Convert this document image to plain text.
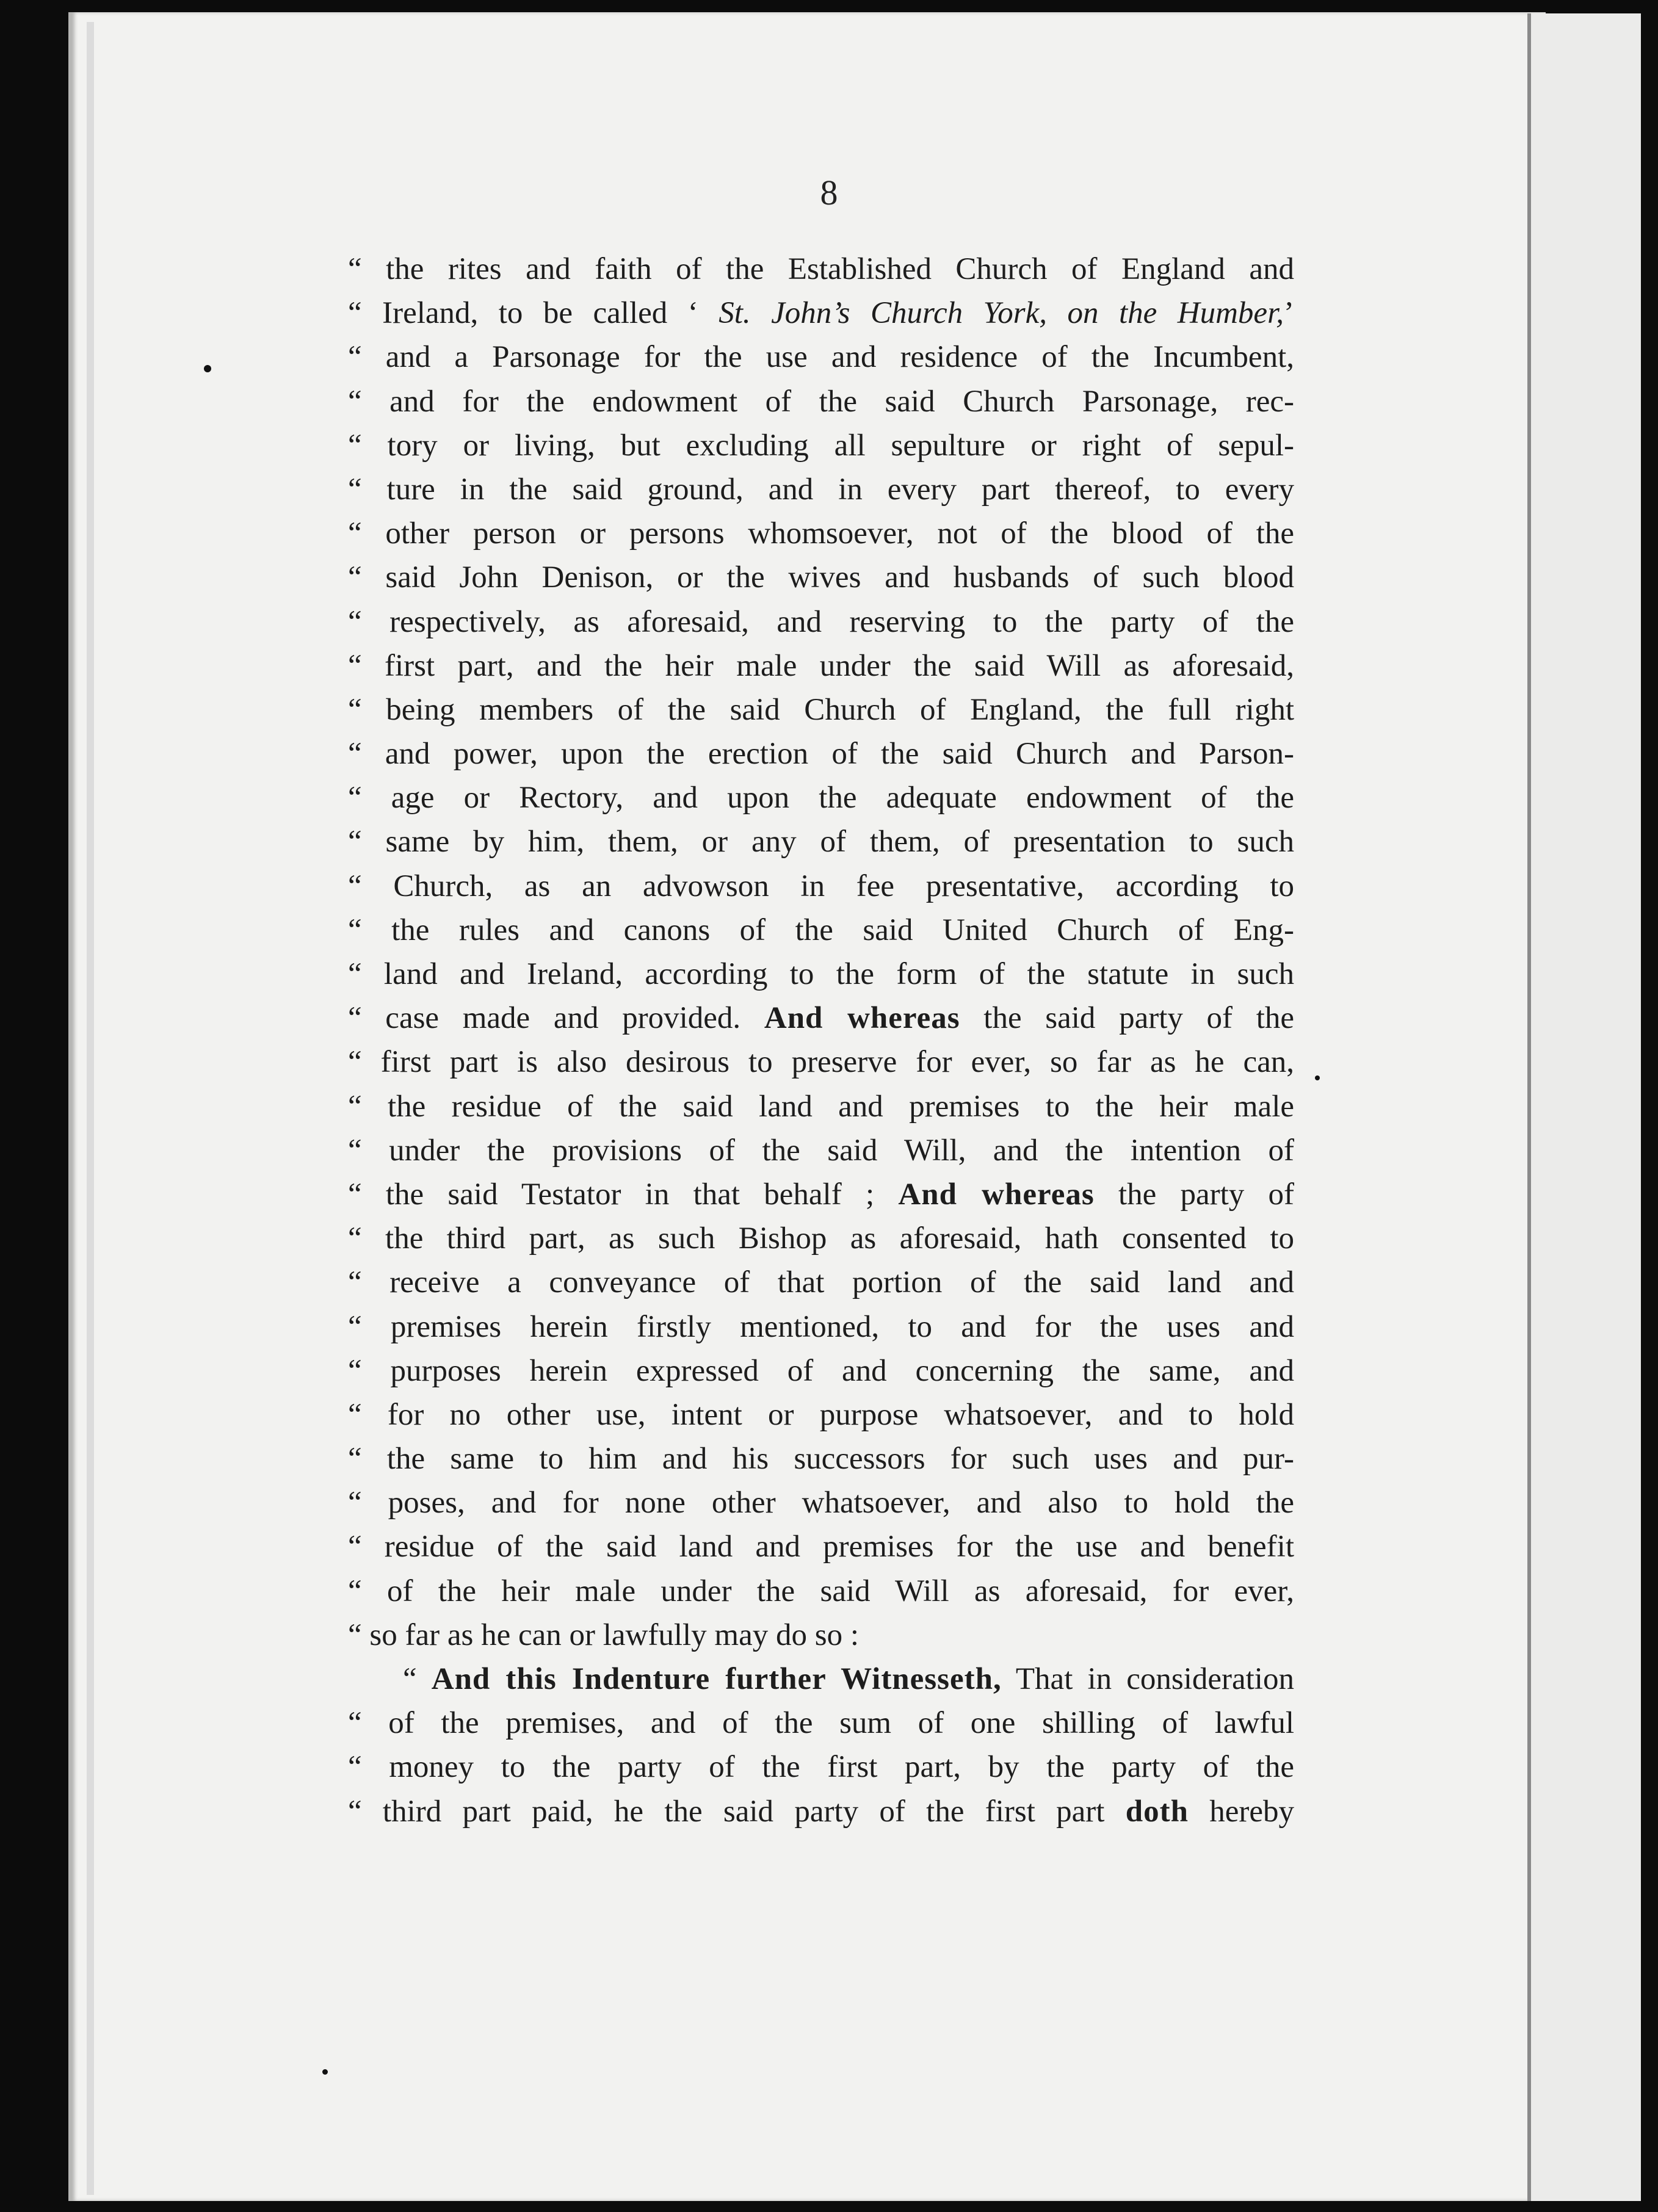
8
“ the rites and faith of the Established Church of England and
“ Ireland, to be called ‘ St. John’s Church York, on the Humber,’
“ and a Parsonage for the use and residence of the Incumbent,
“ and for the endowment of the said Church Parsonage, rec-
“ tory or living, but excluding all sepulture or right of sepul-
“ ture in the said ground, and in every part thereof, to every
“ other person or persons whomsoever, not of the blood of the
“ said John Denison, or the wives and husbands of such blood
“ respectively, as aforesaid, and reserving to the party of the
“ first part, and the heir male under the said Will as aforesaid,
“ being members of the said Church of England, the full right
“ and power, upon the erection of the said Church and Parson-
“ age or Rectory, and upon the adequate endowment of the
“ same by him, them, or any of them, of presentation to such
“ Church, as an advowson in fee presentative, according to
“ the rules and canons of the said United Church of Eng-
“ land and Ireland, according to the form of the statute in such
“ case made and provided. And whereas the said party of the
“ first part is also desirous to preserve for ever, so far as he can,
“ the residue of the said land and premises to the heir male
“ under the provisions of the said Will, and the intention of
“ the said Testator in that behalf ; And whereas the party of
“ the third part, as such Bishop as aforesaid, hath consented to
“ receive a conveyance of that portion of the said land and
“ premises herein firstly mentioned, to and for the uses and
“ purposes herein expressed of and concerning the same, and
“ for no other use, intent or purpose whatsoever, and to hold
“ the same to him and his successors for such uses and pur-
“ poses, and for none other whatsoever, and also to hold the
“ residue of the said land and premises for the use and benefit
“ of the heir male under the said Will as aforesaid, for ever,
“ so far as he can or lawfully may do so :
“ And this Indenture further Witnesseth, That in consideration
“ of the premises, and of the sum of one shilling of lawful
“ money to the party of the first part, by the party of the
“ third part paid, he the said party of the first part doth hereby
